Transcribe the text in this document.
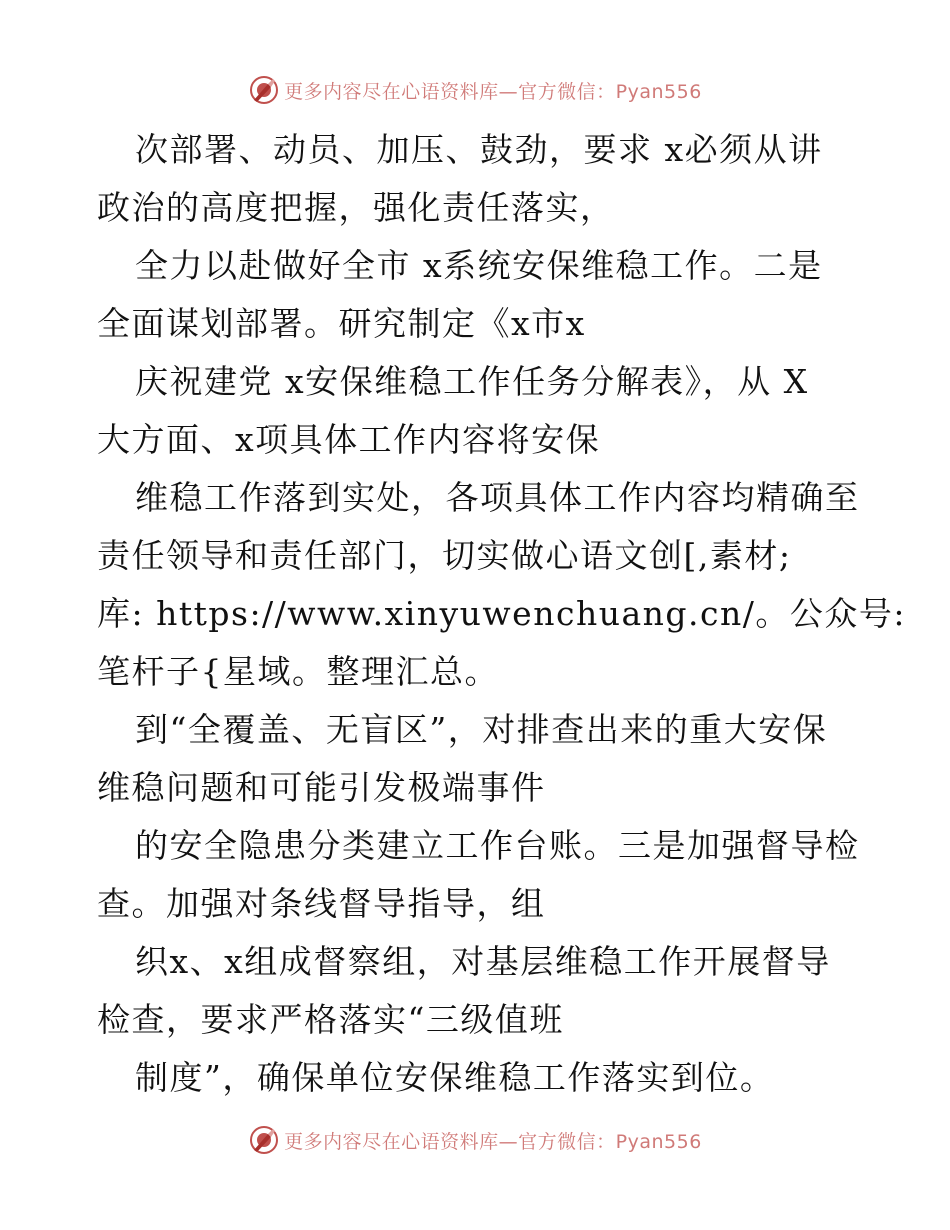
更多内容尽在心语资料库—官方微信：Pyan556
次部署、动员、加压、鼓劲，要求 x必须从讲
政治的高度把握，强化责任落实，
全力以赴做好全市 x系统安保维稳工作。二是
全面谋划部署。研究制定《x市x
庆祝建党 x安保维稳工作任务分解表》，从 X
大方面、x项具体工作内容将安保
维稳工作落到实处，各项具体工作内容均精确至
责任领导和责任部门，切实做心语文创[,素材;
库: https://www.xinyuwenchuang.cn/。公众号:
笔杆子{星域。整理汇总。
到“全覆盖、无盲区”，对排查出来的重大安保
维稳问题和可能引发极端事件
的安全隐患分类建立工作台账。三是加强督导检
查。加强对条线督导指导，组
织x、x组成督察组，对基层维稳工作开展督导
检查，要求严格落实“三级值班
制度”，确保单位安保维稳工作落实到位。
更多内容尽在心语资料库—官方微信：Pyan556
